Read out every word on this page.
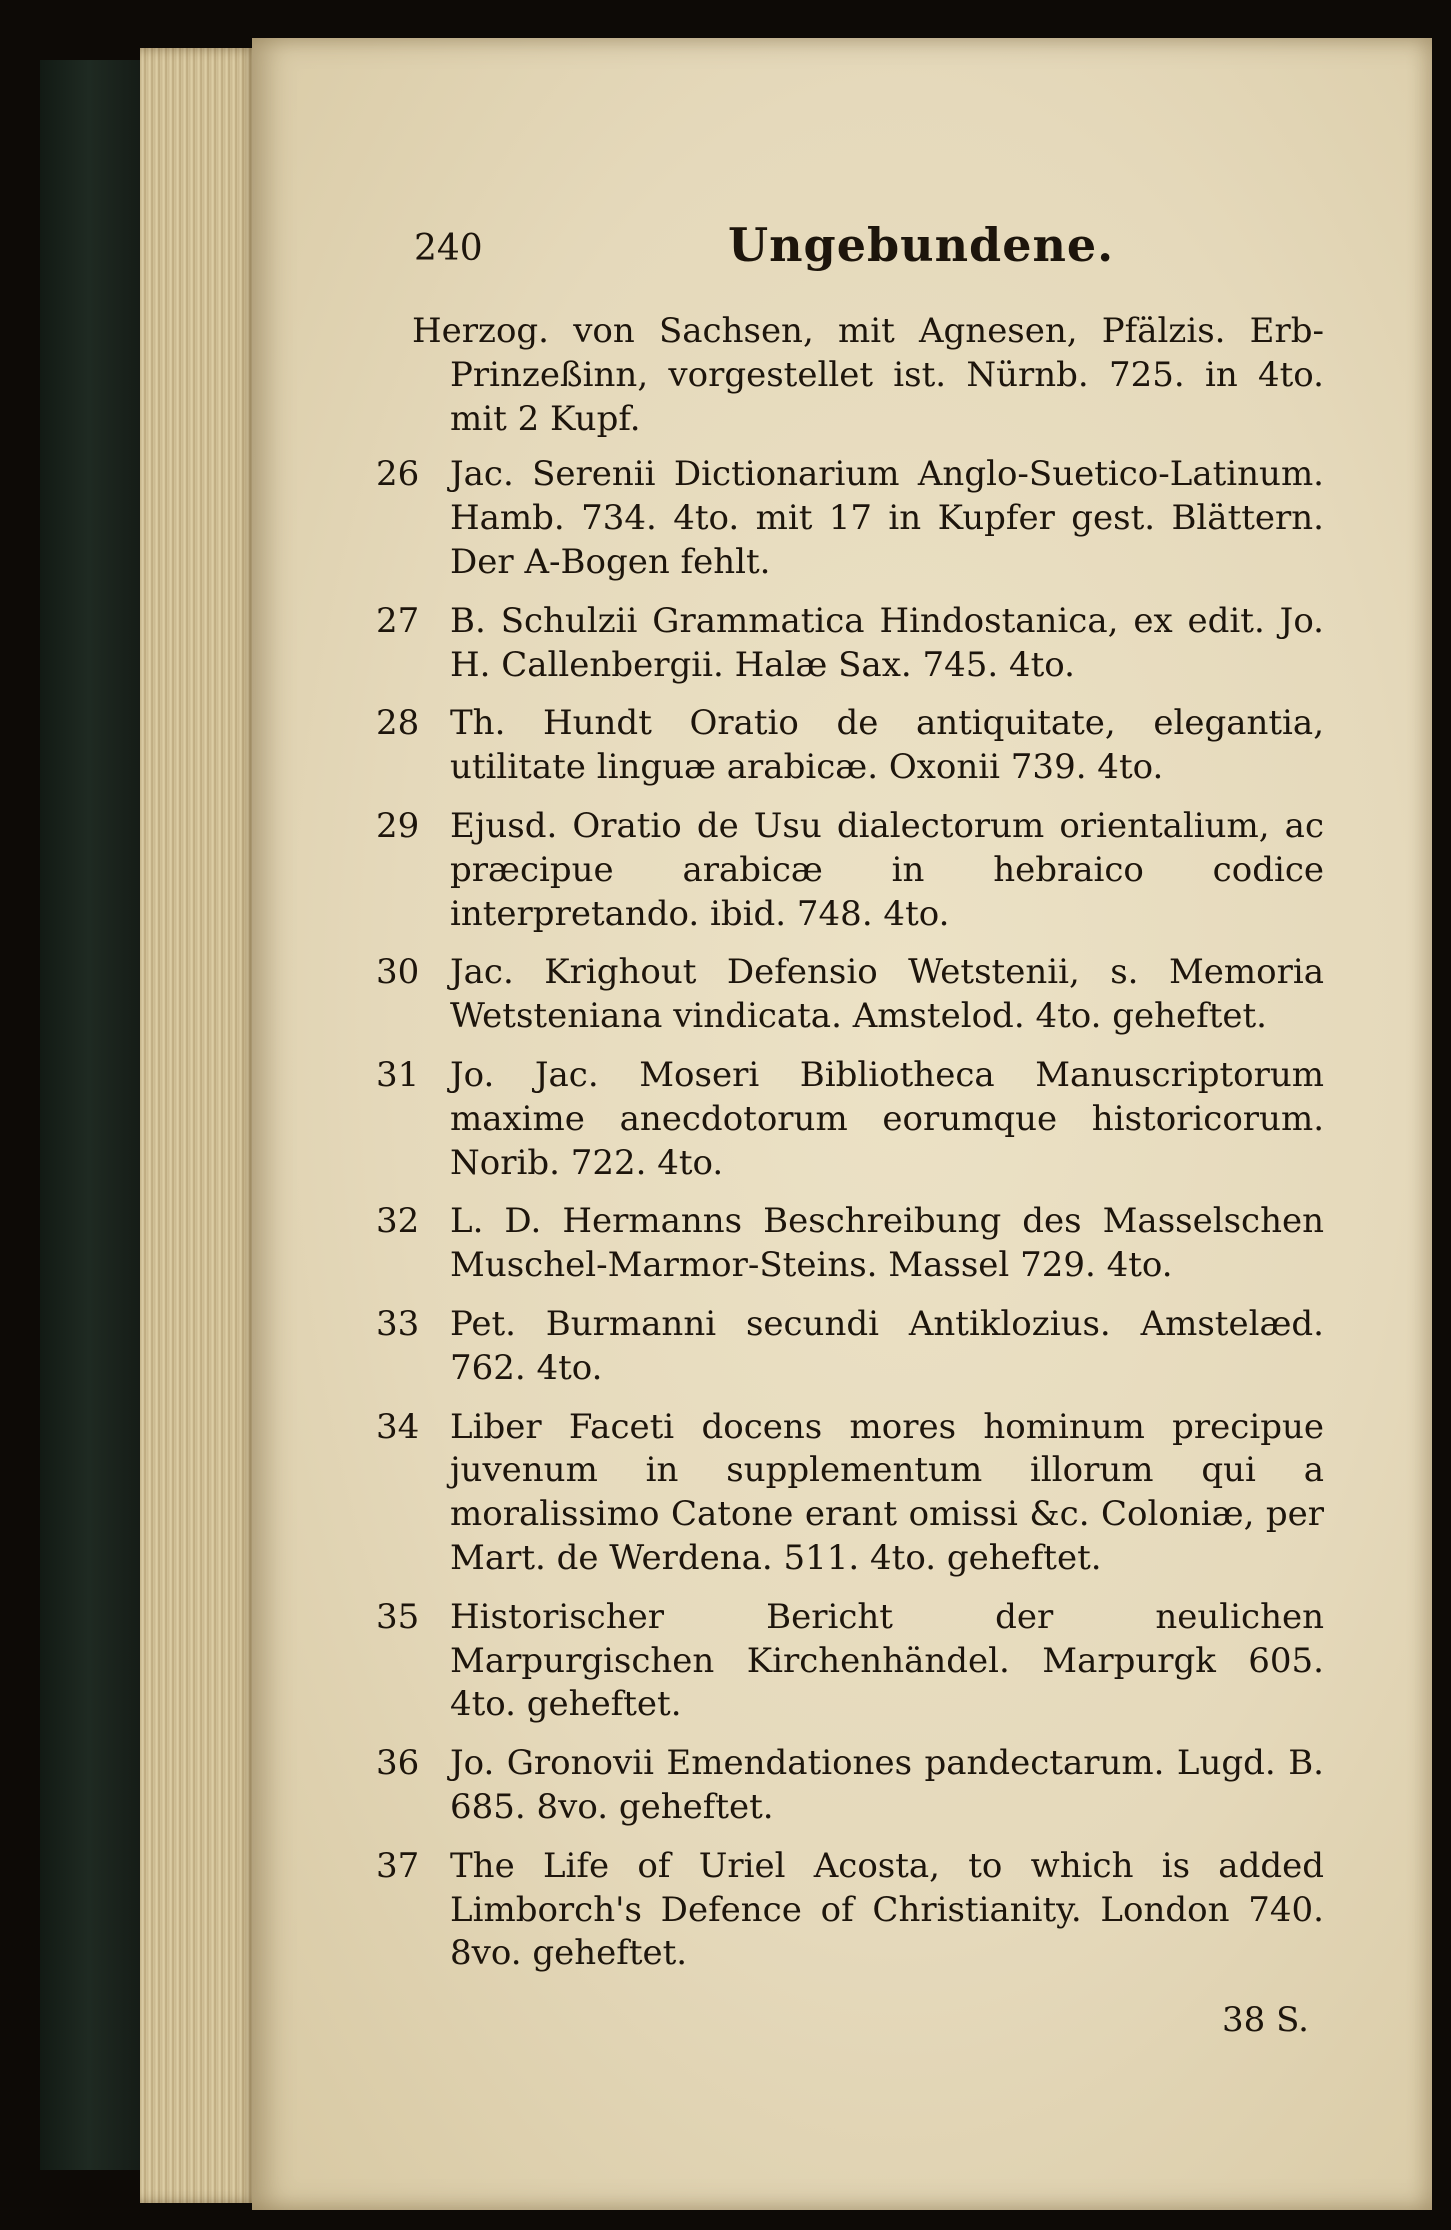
240	Ungebundene.
Herzog. von Sachsen, mit Agnesen, Pfälzis. Erb-Prinzeßinn, vorgestellet ist. Nürnb. 725. in 4to. mit 2 Kupf.
26 Jac. Serenii Dictionarium Anglo-Suetico-Latinum. Hamb. 734. 4to. mit 17 in Kupfer gest. Blättern. Der A-Bogen fehlt.
27 B. Schulzii Grammatica Hindostanica, ex edit. Jo. H. Callenbergii. Halæ Sax. 745. 4to.
28 Th. Hundt Oratio de antiquitate, elegantia, utilitate linguæ arabicæ. Oxonii 739. 4to.
29 Ejusd. Oratio de Usu dialectorum orientalium, ac præcipue arabicæ in hebraico codice interpretando. ibid. 748. 4to.
30 Jac. Krighout Defensio Wetstenii, s. Memoria Wetsteniana vindicata. Amstelod. 4to. geheftet.
31 Jo. Jac. Moseri Bibliotheca Manuscriptorum maxime anecdotorum eorumque historicorum. Norib. 722. 4to.
32 L. D. Hermanns Beschreibung des Masselschen Muschel-Marmor-Steins. Massel 729. 4to.
33 Pet. Burmanni secundi Antiklozius. Amstelæd. 762. 4to.
34 Liber Faceti docens mores hominum precipue juvenum in supplementum illorum qui a moralissimo Catone erant omissi &c. Coloniæ, per Mart. de Werdena. 511. 4to. geheftet.
35 Historischer Bericht der neulichen Marpurgischen Kirchenhändel. Marpurgk 605. 4to. geheftet.
36 Jo. Gronovii Emendationes pandectarum. Lugd. B. 685. 8vo. geheftet.
37 The Life of Uriel Acosta, to which is added Limborch's Defence of Christianity. London 740. 8vo. geheftet.
38 S.
